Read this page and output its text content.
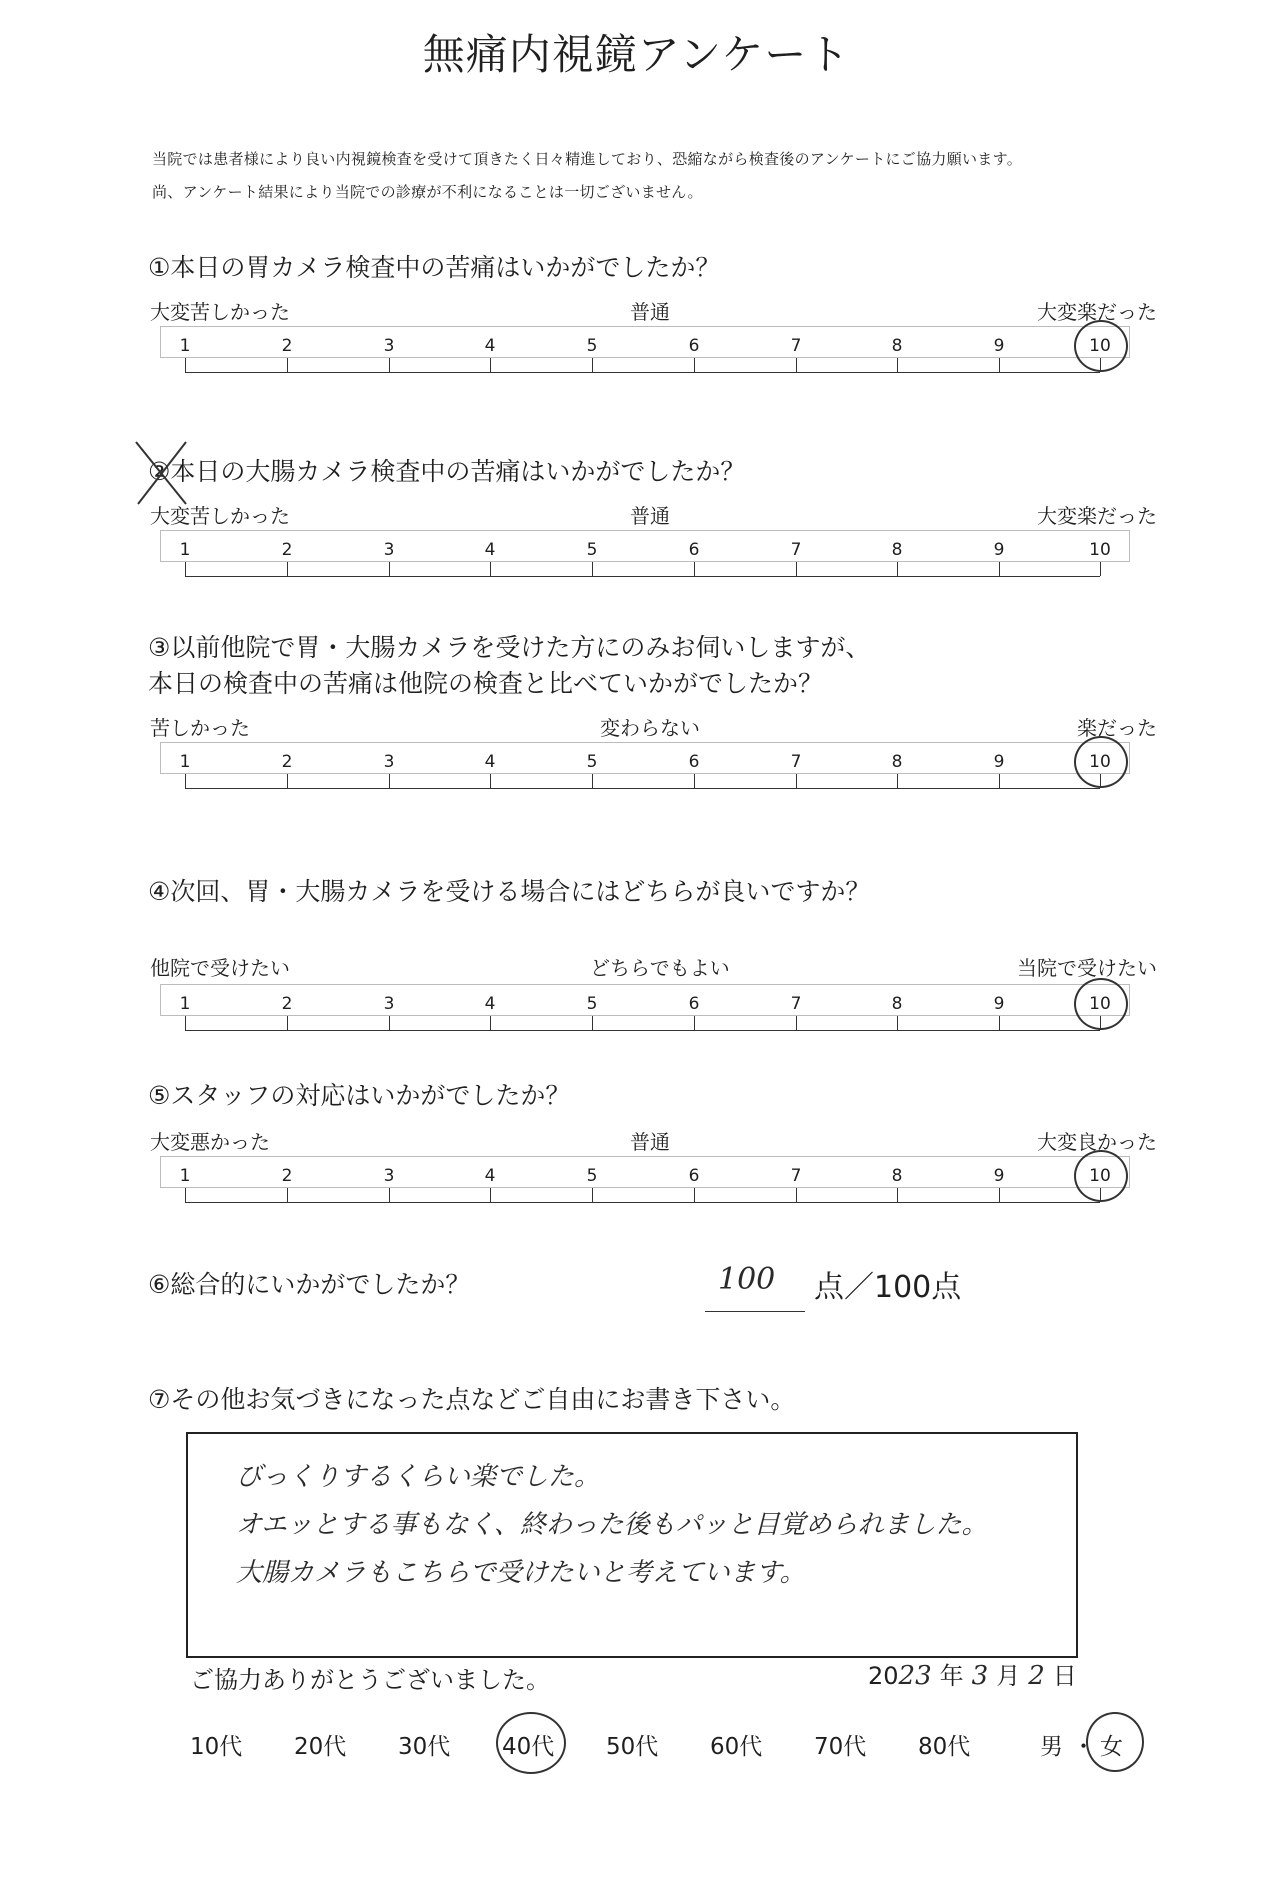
無痛内視鏡アンケート
当院では患者様により良い内視鏡検査を受けて頂きたく日々精進しており、恐縮ながら検査後のアンケートにご協力願います。
尚、アンケート結果により当院での診療が不利になることは一切ございません。
①本日の胃カメラ検査中の苦痛はいかがでしたか？
大変苦しかった	普通	大変楽だった
1	2	3	4	5	6	7	8	9	10
②本日の大腸カメラ検査中の苦痛はいかがでしたか？
大変苦しかった	普通	大変楽だった
1	2	3	4	5	6	7	8	9	10
③以前他院で胃・大腸カメラを受けた方にのみお伺いしますが、
本日の検査中の苦痛は他院の検査と比べていかがでしたか？
苦しかった	変わらない	楽だった
1	2	3	4	5	6	7	8	9	10
④次回、胃・大腸カメラを受ける場合にはどちらが良いですか？
他院で受けたい	どちらでもよい	当院で受けたい
1	2	3	4	5	6	7	8	9	10
⑤スタッフの対応はいかがでしたか？
大変悪かった	普通	大変良かった
1	2	3	4	5	6	7	8	9	10
⑥総合的にいかがでしたか？	100 点／100点
⑦その他お気づきになった点などご自由にお書き下さい。
びっくりするくらい楽でした。
オエッとする事もなく、終わった後もパッと目覚められました。
大腸カメラもこちらで受けたいと考えています。
ご協力ありがとうございました。	2023 年 3 月 2 日
10代 20代 30代 40代 50代 60代 70代 80代	男 ・ 女
